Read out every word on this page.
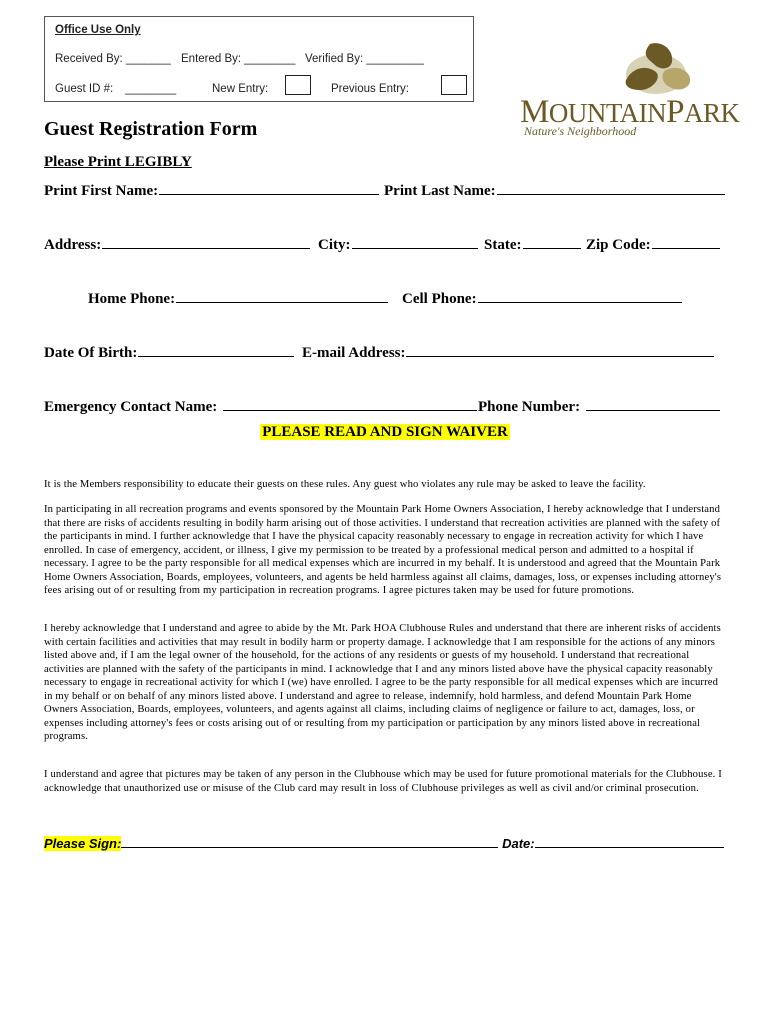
Office Use Only
Received By: _______ Entered By: ________ Verified By: _________
Guest ID #: ________	New Entry:	Previous Entry:
MOUNTAINPARK
Nature's Neighborhood
Guest Registration Form
Please Print LEGIBLY
Print First Name:	Print Last Name:
Address:	City:	State:	Zip Code:
Home Phone:	Cell Phone:
Date Of Birth:	E-mail Address:
Emergency Contact Name:	Phone Number:
PLEASE READ AND SIGN WAIVER
It is the Members responsibility to educate their guests on these rules. Any guest who violates any rule may be asked to leave the facility.
In participating in all recreation programs and events sponsored by the Mountain Park Home Owners Association, I hereby acknowledge that I understand that there are risks of accidents resulting in bodily harm arising out of those activities. I understand that recreation activities are planned with the safety of the participants in mind. I further acknowledge that I have the physical capacity reasonably necessary to engage in recreation activity for which I have enrolled. In case of emergency, accident, or illness, I give my permission to be treated by a professional medical person and admitted to a hospital if necessary. I agree to be the party responsible for all medical expenses which are incurred in my behalf. It is understood and agreed that the Mountain Park Home Owners Association, Boards, employees, volunteers, and agents be held harmless against all claims, damages, loss, or expenses including attorney's fees arising out of or resulting from my participation in recreation programs. I agree pictures taken may be used for future promotions.
I hereby acknowledge that I understand and agree to abide by the Mt. Park HOA Clubhouse Rules and understand that there are inherent risks of accidents with certain facilities and activities that may result in bodily harm or property damage. I acknowledge that I am responsible for the actions of any minors listed above and, if I am the legal owner of the household, for the actions of any residents or guests of my household. I understand that recreational activities are planned with the safety of the participants in mind. I acknowledge that I and any minors listed above have the physical capacity reasonably necessary to engage in recreational activity for which I (we) have enrolled. I agree to be the party responsible for all medical expenses which are incurred in my behalf or on behalf of any minors listed above. I understand and agree to release, indemnify, hold harmless, and defend Mountain Park Home Owners Association, Boards, employees, volunteers, and agents against all claims, including claims of negligence or failure to act, damages, loss, or expenses including attorney's fees or costs arising out of or resulting from my participation or participation by any minors listed above in recreational programs.
I understand and agree that pictures may be taken of any person in the Clubhouse which may be used for future promotional materials for the Clubhouse. I acknowledge that unauthorized use or misuse of the Club card may result in loss of Clubhouse privileges as well as civil and/or criminal prosecution.
Please Sign:	Date:
